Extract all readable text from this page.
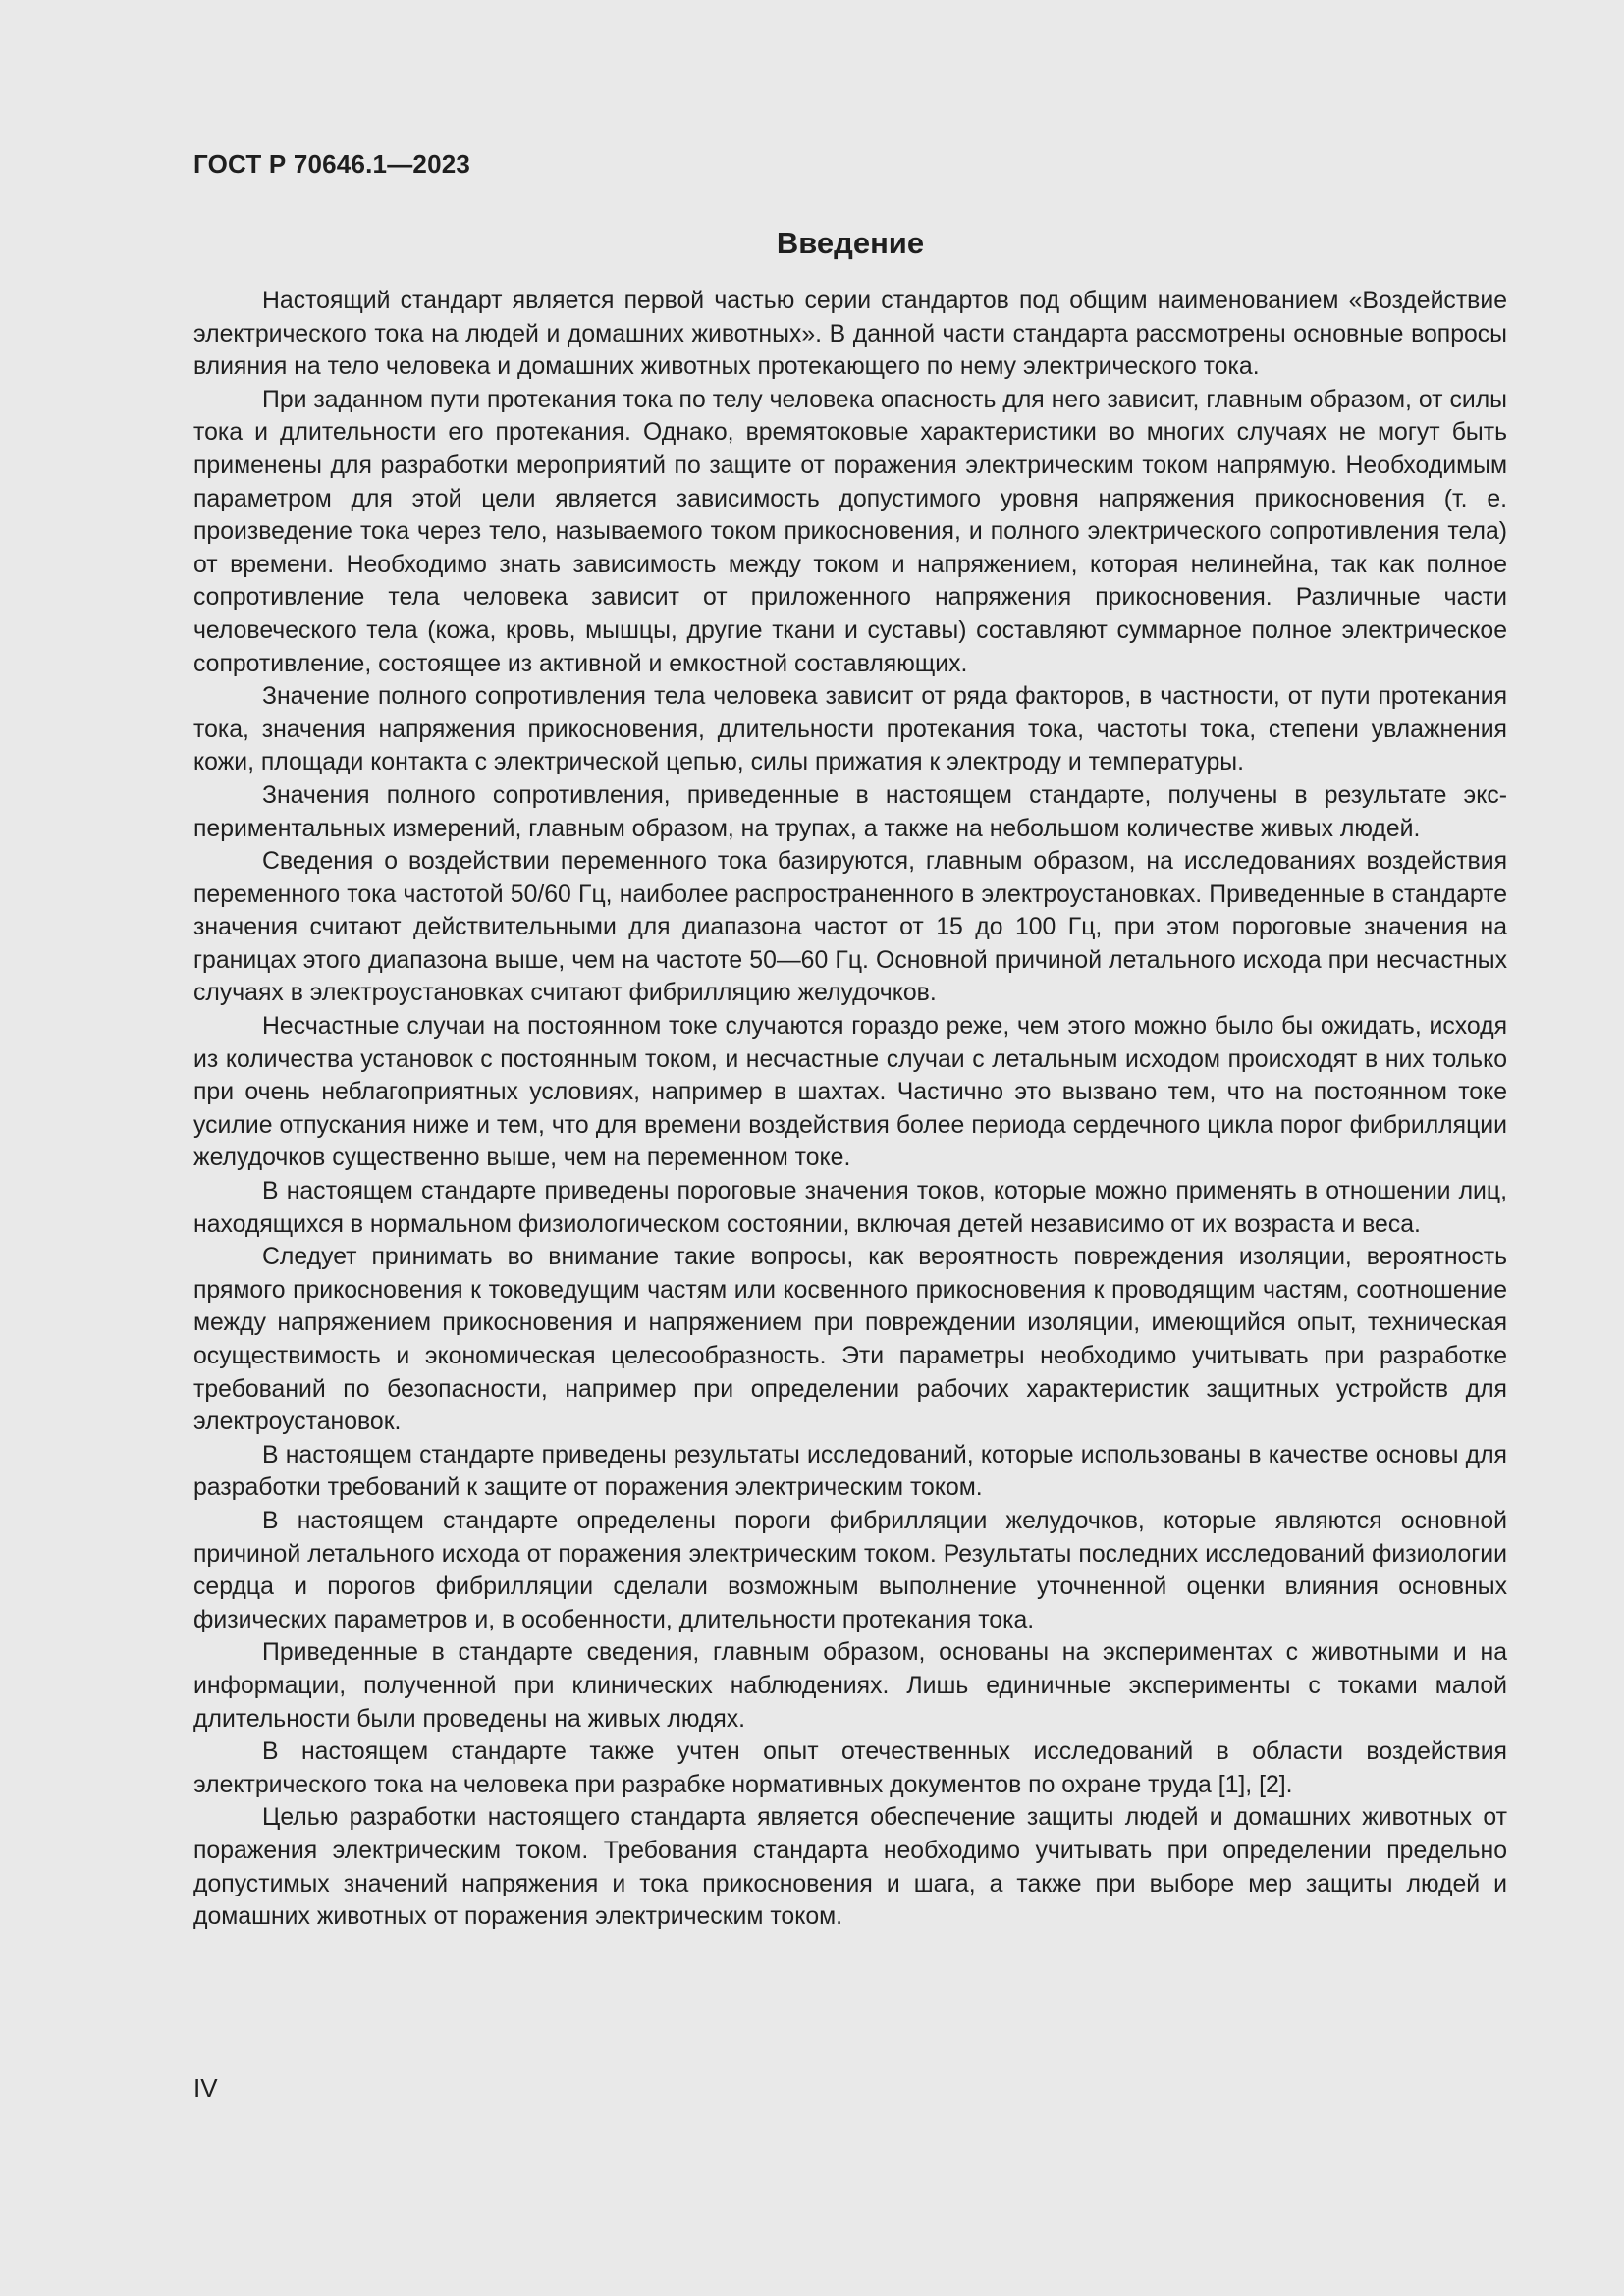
ГОСТ Р 70646.1—2023
Введение

Настоящий стандарт является первой частью серии стандартов под общим наименованием «Воздействие электрического тока на людей и домашних животных». В данной части стандарта рассмотрены основные вопросы влияния на тело человека и домашних животных протекающего по нему электрического тока.

При заданном пути протекания тока по телу человека опасность для него зависит, главным образом, от силы тока и длительности его протекания. Однако, времятоковые характеристики во многих случаях не могут быть применены для разработки мероприятий по защите от поражения электрическим током напрямую. Необходимым параметром для этой цели является зависимость допустимого уровня напряжения прикосновения (т. е. произведение тока через тело, называемого током прикосновения, и полного электрического сопротивления тела) от времени. Необходимо знать зависимость между током и напряжением, которая нелинейна, так как полное сопротивление тела человека зависит от приложенного напряжения прикосновения. Различные части человеческого тела (кожа, кровь, мышцы, другие ткани и суставы) составляют суммарное полное электрическое сопротивление, состоящее из активной и емкостной составляющих.

Значение полного сопротивления тела человека зависит от ряда факторов, в частности, от пути протекания тока, значения напряжения прикосновения, длительности протекания тока, частоты тока, степени увлажнения кожи, площади контакта с электрической цепью, силы прижатия к электроду и температуры.

Значения полного сопротивления, приведенные в настоящем стандарте, получены в результате экспериментальных измерений, главным образом, на трупах, а также на небольшом количестве живых людей.

Сведения о воздействии переменного тока базируются, главным образом, на исследованиях воздействия переменного тока частотой 50/60 Гц, наиболее распространенного в электроустановках. Приведенные в стандарте значения считают действительными для диапазона частот от 15 до 100 Гц, при этом пороговые значения на границах этого диапазона выше, чем на частоте 50—60 Гц. Основной причиной летального исхода при несчастных случаях в электроустановках считают фибрилляцию желудочков.

Несчастные случаи на постоянном токе случаются гораздо реже, чем этого можно было бы ожидать, исходя из количества установок с постоянным током, и несчастные случаи с летальным исходом происходят в них только при очень неблагоприятных условиях, например в шахтах. Частично это вызвано тем, что на постоянном токе усилие отпускания ниже и тем, что для времени воздействия более периода сердечного цикла порог фибрилляции желудочков существенно выше, чем на переменном токе.

В настоящем стандарте приведены пороговые значения токов, которые можно применять в отношении лиц, находящихся в нормальном физиологическом состоянии, включая детей независимо от их возраста и веса.

Следует принимать во внимание такие вопросы, как вероятность повреждения изоляции, вероятность прямого прикосновения к токоведущим частям или косвенного прикосновения к проводящим частям, соотношение между напряжением прикосновения и напряжением при повреждении изоляции, имеющийся опыт, техническая осуществимость и экономическая целесообразность. Эти параметры необходимо учитывать при разработке требований по безопасности, например при определении рабочих характеристик защитных устройств для электроустановок.

В настоящем стандарте приведены результаты исследований, которые использованы в качестве основы для разработки требований к защите от поражения электрическим током.

В настоящем стандарте определены пороги фибрилляции желудочков, которые являются основной причиной летального исхода от поражения электрическим током. Результаты последних исследований физиологии сердца и порогов фибрилляции сделали возможным выполнение уточненной оценки влияния основных физических параметров и, в особенности, длительности протекания тока.

Приведенные в стандарте сведения, главным образом, основаны на экспериментах с животными и на информации, полученной при клинических наблюдениях. Лишь единичные эксперименты с токами малой длительности были проведены на живых людях.

В настоящем стандарте также учтен опыт отечественных исследований в области воздействия электрического тока на человека при разрабке нормативных документов по охране труда [1], [2].

Целью разработки настоящего стандарта является обеспечение защиты людей и домашних животных от поражения электрическим током. Требования стандарта необходимо учитывать при определении предельно допустимых значений напряжения и тока прикосновения и шага, а также при выборе мер защиты людей и домашних животных от поражения электрическим током.

IV
